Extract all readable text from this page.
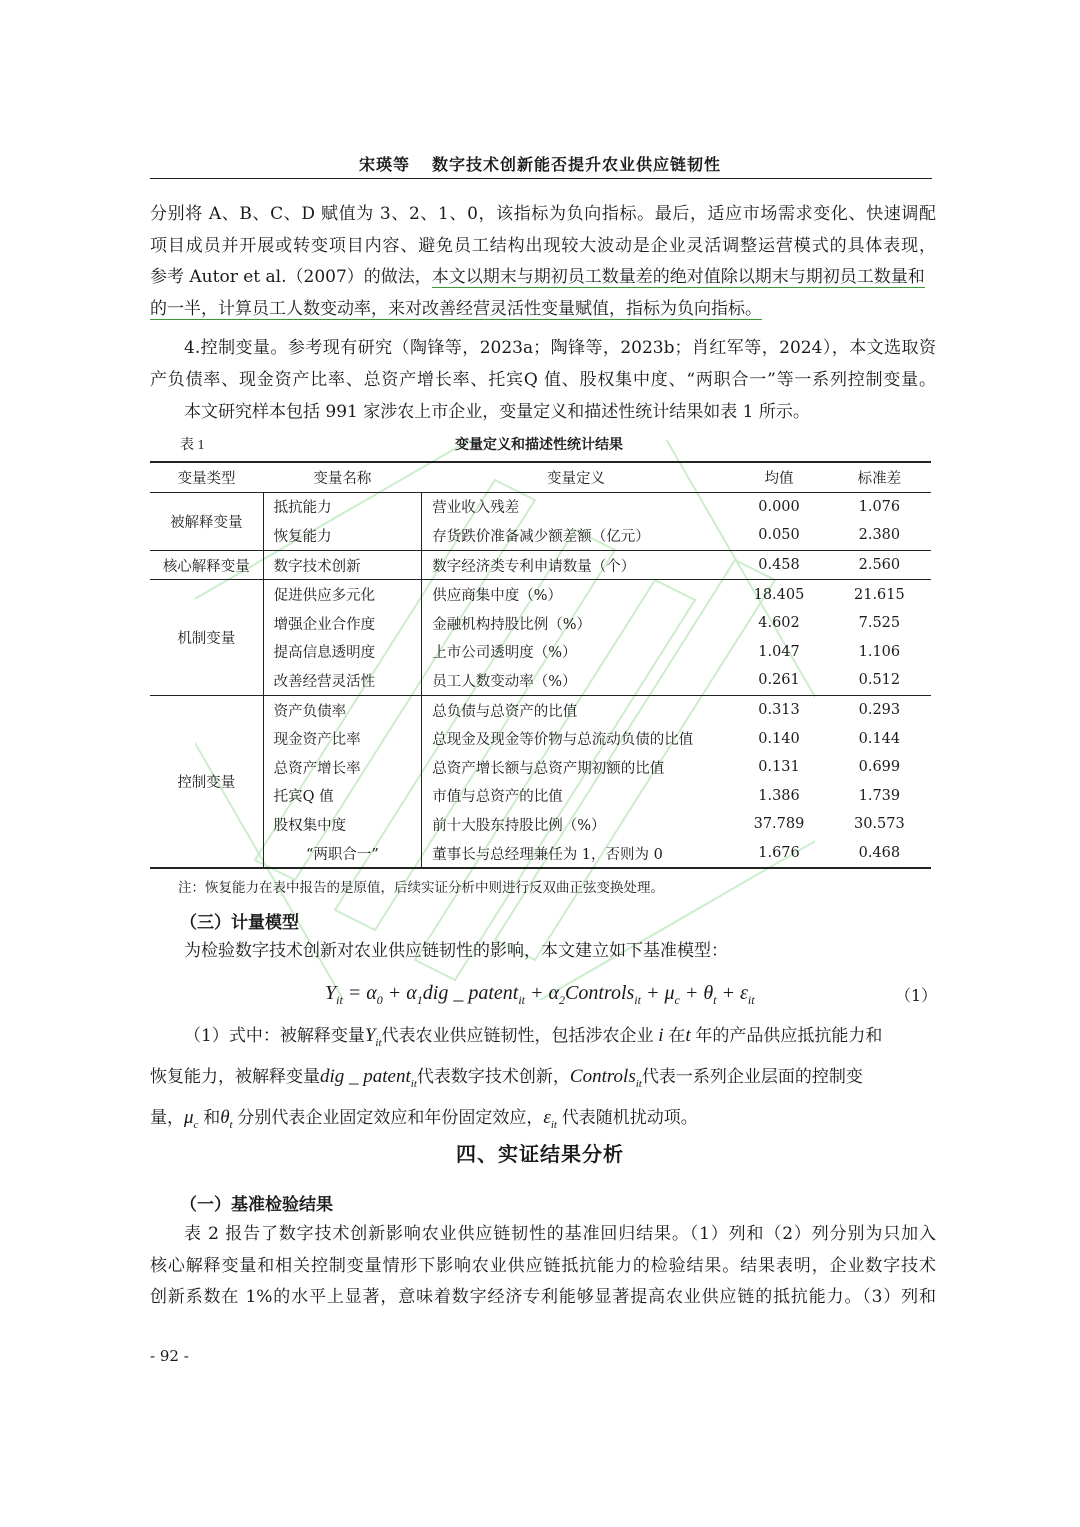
宋瑛等 数字技术创新能否提升农业供应链韧性
分别将 A、B、C、D 赋值为 3、2、1、0，该指标为负向指标。最后，适应市场需求变化、快速调配
项目成员并开展或转变项目内容、避免员工结构出现较大波动是企业灵活调整运营模式的具体表现，
参考 Autor et al.（2007）的做法，本文以期末与期初员工数量差的绝对值除以期末与期初员工数量和
的一半，计算员工人数变动率，来对改善经营灵活性变量赋值，指标为负向指标。
4.控制变量。参考现有研究（陶锋等，2023a；陶锋等，2023b；肖红军等，2024），本文选取资
产负债率、现金资产比率、总资产增长率、托宾Q 值、股权集中度、“两职合一”等一系列控制变量。
本文研究样本包括 991 家涉农上市企业，变量定义和描述性统计结果如表 1 所示。
表 1	变量定义和描述性统计结果
变量类型	变量名称	变量定义	均值	标准差
被解释变量	抵抗能力	营业收入残差	0.000	1.076
	恢复能力	存货跌价准备减少额差额（亿元）	0.050	2.380
核心解释变量	数字技术创新	数字经济类专利申请数量（个）	0.458	2.560
机制变量	促进供应多元化	供应商集中度（%）	18.405	21.615
	增强企业合作度	金融机构持股比例（%）	4.602	7.525
	提高信息透明度	上市公司透明度（%）	1.047	1.106
	改善经营灵活性	员工人数变动率（%）	0.261	0.512
控制变量	资产负债率	总负债与总资产的比值	0.313	0.293
	现金资产比率	总现金及现金等价物与总流动负债的比值	0.140	0.144
	总资产增长率	总资产增长额与总资产期初额的比值	0.131	0.699
	托宾Q 值	市值与总资产的比值	1.386	1.739
	股权集中度	前十大股东持股比例（%）	37.789	30.573
	“两职合一”	董事长与总经理兼任为 1，否则为 0	1.676	0.468
注：恢复能力在表中报告的是原值，后续实证分析中则进行反双曲正弦变换处理。
（三）计量模型
为检验数字技术创新对农业供应链韧性的影响，本文建立如下基准模型：
$Y_{it} = \alpha_0 + \alpha_1dig$ _ patent$_{it}$ + $\alpha_2Controls_{it} + \mu_c + \theta_t + \varepsilon_{it}$	（1）
（1）式中：被解释变量$Y_{it}$代表农业供应链韧性，包括涉农企业 i 在t 年的产品供应抵抗能力和
恢复能力，被解释变量dig _ patent$_{it}$代表数字技术创新，Controls$_{it}$代表一系列企业层面的控制变
量，$\mu_c$ 和$\theta_t$ 分别代表企业固定效应和年份固定效应，$\varepsilon_{it}$ 代表随机扰动项。
四、实证结果分析
（一）基准检验结果
表 2 报告了数字技术创新影响农业供应链韧性的基准回归结果。（1）列和（2）列分别为只加入
核心解释变量和相关控制变量情形下影响农业供应链抵抗能力的检验结果。结果表明，企业数字技术
创新系数在 1%的水平上显著，意味着数字经济专利能够显著提高农业供应链的抵抗能力。（3）列和
- 92 -
